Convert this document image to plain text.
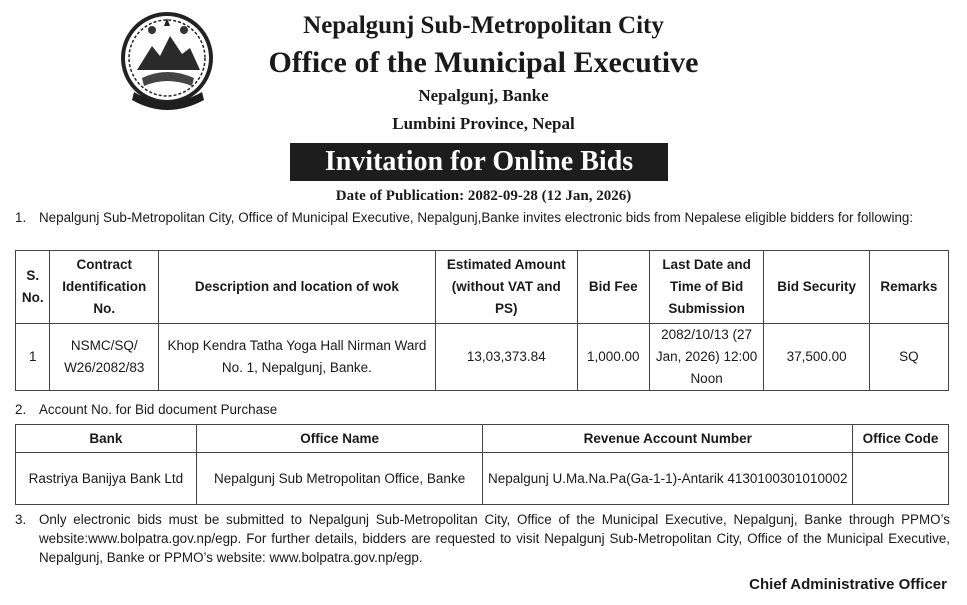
Nepalgunj Sub-Metropolitan City
Office of the Municipal Executive
Nepalgunj, Banke
Lumbini Province, Nepal
Invitation for Online Bids
Date of Publication: 2082-09-28 (12 Jan, 2026)
1. Nepalgunj Sub-Metropolitan City, Office of Municipal Executive, Nepalgunj,Banke invites electronic bids from Nepalese eligible bidders for following:
S. No.	Contract Identification No.	Description and location of wok	Estimated Amount (without VAT and PS)	Bid Fee	Last Date and Time of Bid Submission	Bid Security	Remarks
1	NSMC/SQ/ W26/2082/83	Khop Kendra Tatha Yoga Hall Nirman Ward No. 1, Nepalgunj, Banke.	13,03,373.84	1,000.00	2082/10/13 (27 Jan, 2026) 12:00 Noon	37,500.00	SQ
2. Account No. for Bid document Purchase
Bank	Office Name	Revenue Account Number	Office Code
Rastriya Banijya Bank Ltd	Nepalgunj Sub Metropolitan Office, Banke	Nepalgunj U.Ma.Na.Pa(Ga-1-1)-Antarik 4130100301010002	
3. Only electronic bids must be submitted to Nepalgunj Sub-Metropolitan City, Office of the Municipal Executive, Nepalgunj, Banke through PPMO’s website:www.bolpatra.gov.np/egp. For further details, bidders are requested to visit Nepalgunj Sub-Metropolitan City, Office of the Municipal Executive, Nepalgunj, Banke or PPMO’s website: www.bolpatra.gov.np/egp.
Chief Administrative Officer
